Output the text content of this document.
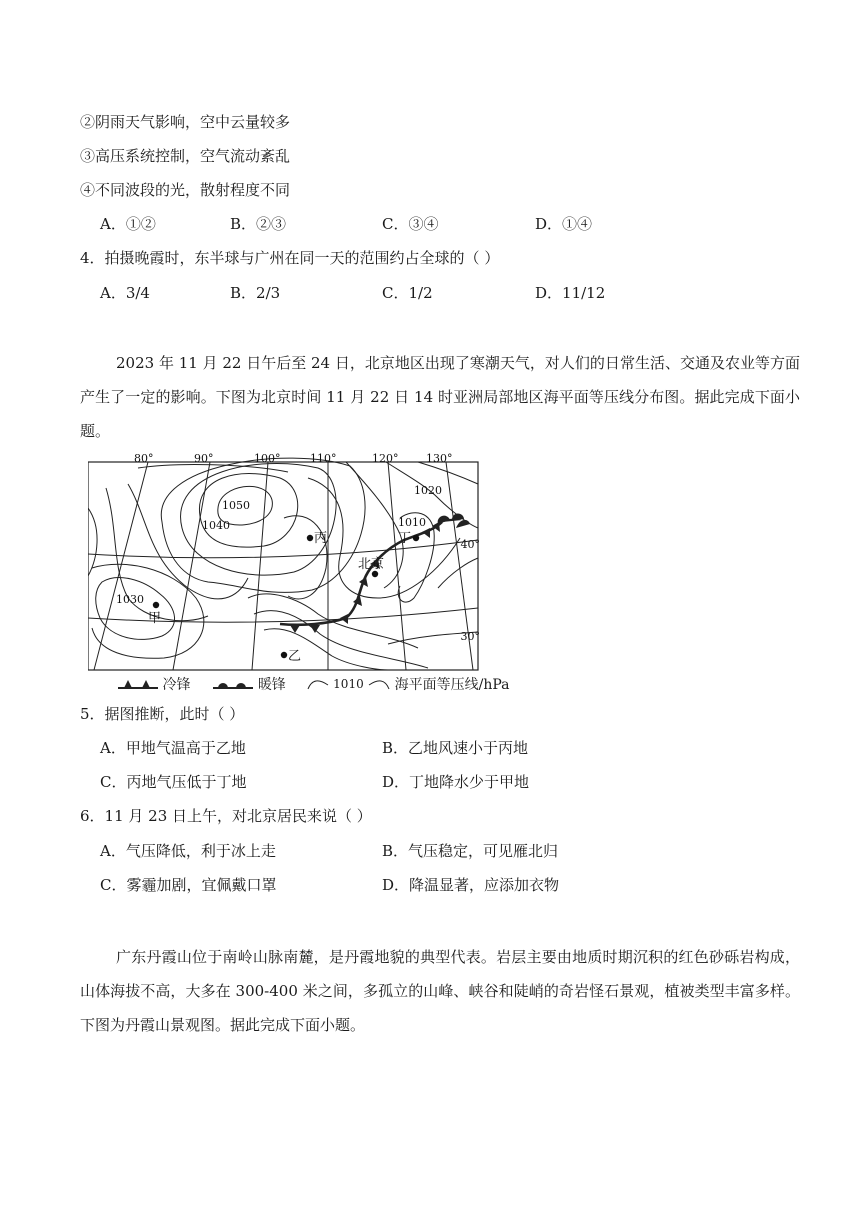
②阴雨天气影响，空中云量较多
③高压系统控制，空气流动紊乱
④不同波段的光，散射程度不同
A．①②	B．②③	C．③④	D．①④
4．拍摄晚霞时，东半球与广州在同一天的范围约占全球的（ ）
A．3/4	B．2/3	C．1/2	D．11/12
2023 年 11 月 22 日午后至 24 日，北京地区出现了寒潮天气，对人们的日常生活、交通及农业等方面产生了一定的影响。下图为北京时间 11 月 22 日 14 时亚洲局部地区海平面等压线分布图。据此完成下面小题。
80°	90°	100°	110°	120°	130°
40°
30°
1050
1040
1030
1020
1010
丙	丁
北京
甲
乙
冷锋	暖锋	1010 海平面等压线/hPa
5．据图推断，此时（ ）
A．甲地气温高于乙地	B．乙地风速小于丙地
C．丙地气压低于丁地	D．丁地降水少于甲地
6．11 月 23 日上午，对北京居民来说（ ）
A．气压降低，利于冰上走	B．气压稳定，可见雁北归
C．雾霾加剧，宜佩戴口罩	D．降温显著，应添加衣物
广东丹霞山位于南岭山脉南麓，是丹霞地貌的典型代表。岩层主要由地质时期沉积的红色砂砾岩构成，山体海拔不高，大多在 300-400 米之间，多孤立的山峰、峡谷和陡峭的奇岩怪石景观，植被类型丰富多样。下图为丹霞山景观图。据此完成下面小题。
